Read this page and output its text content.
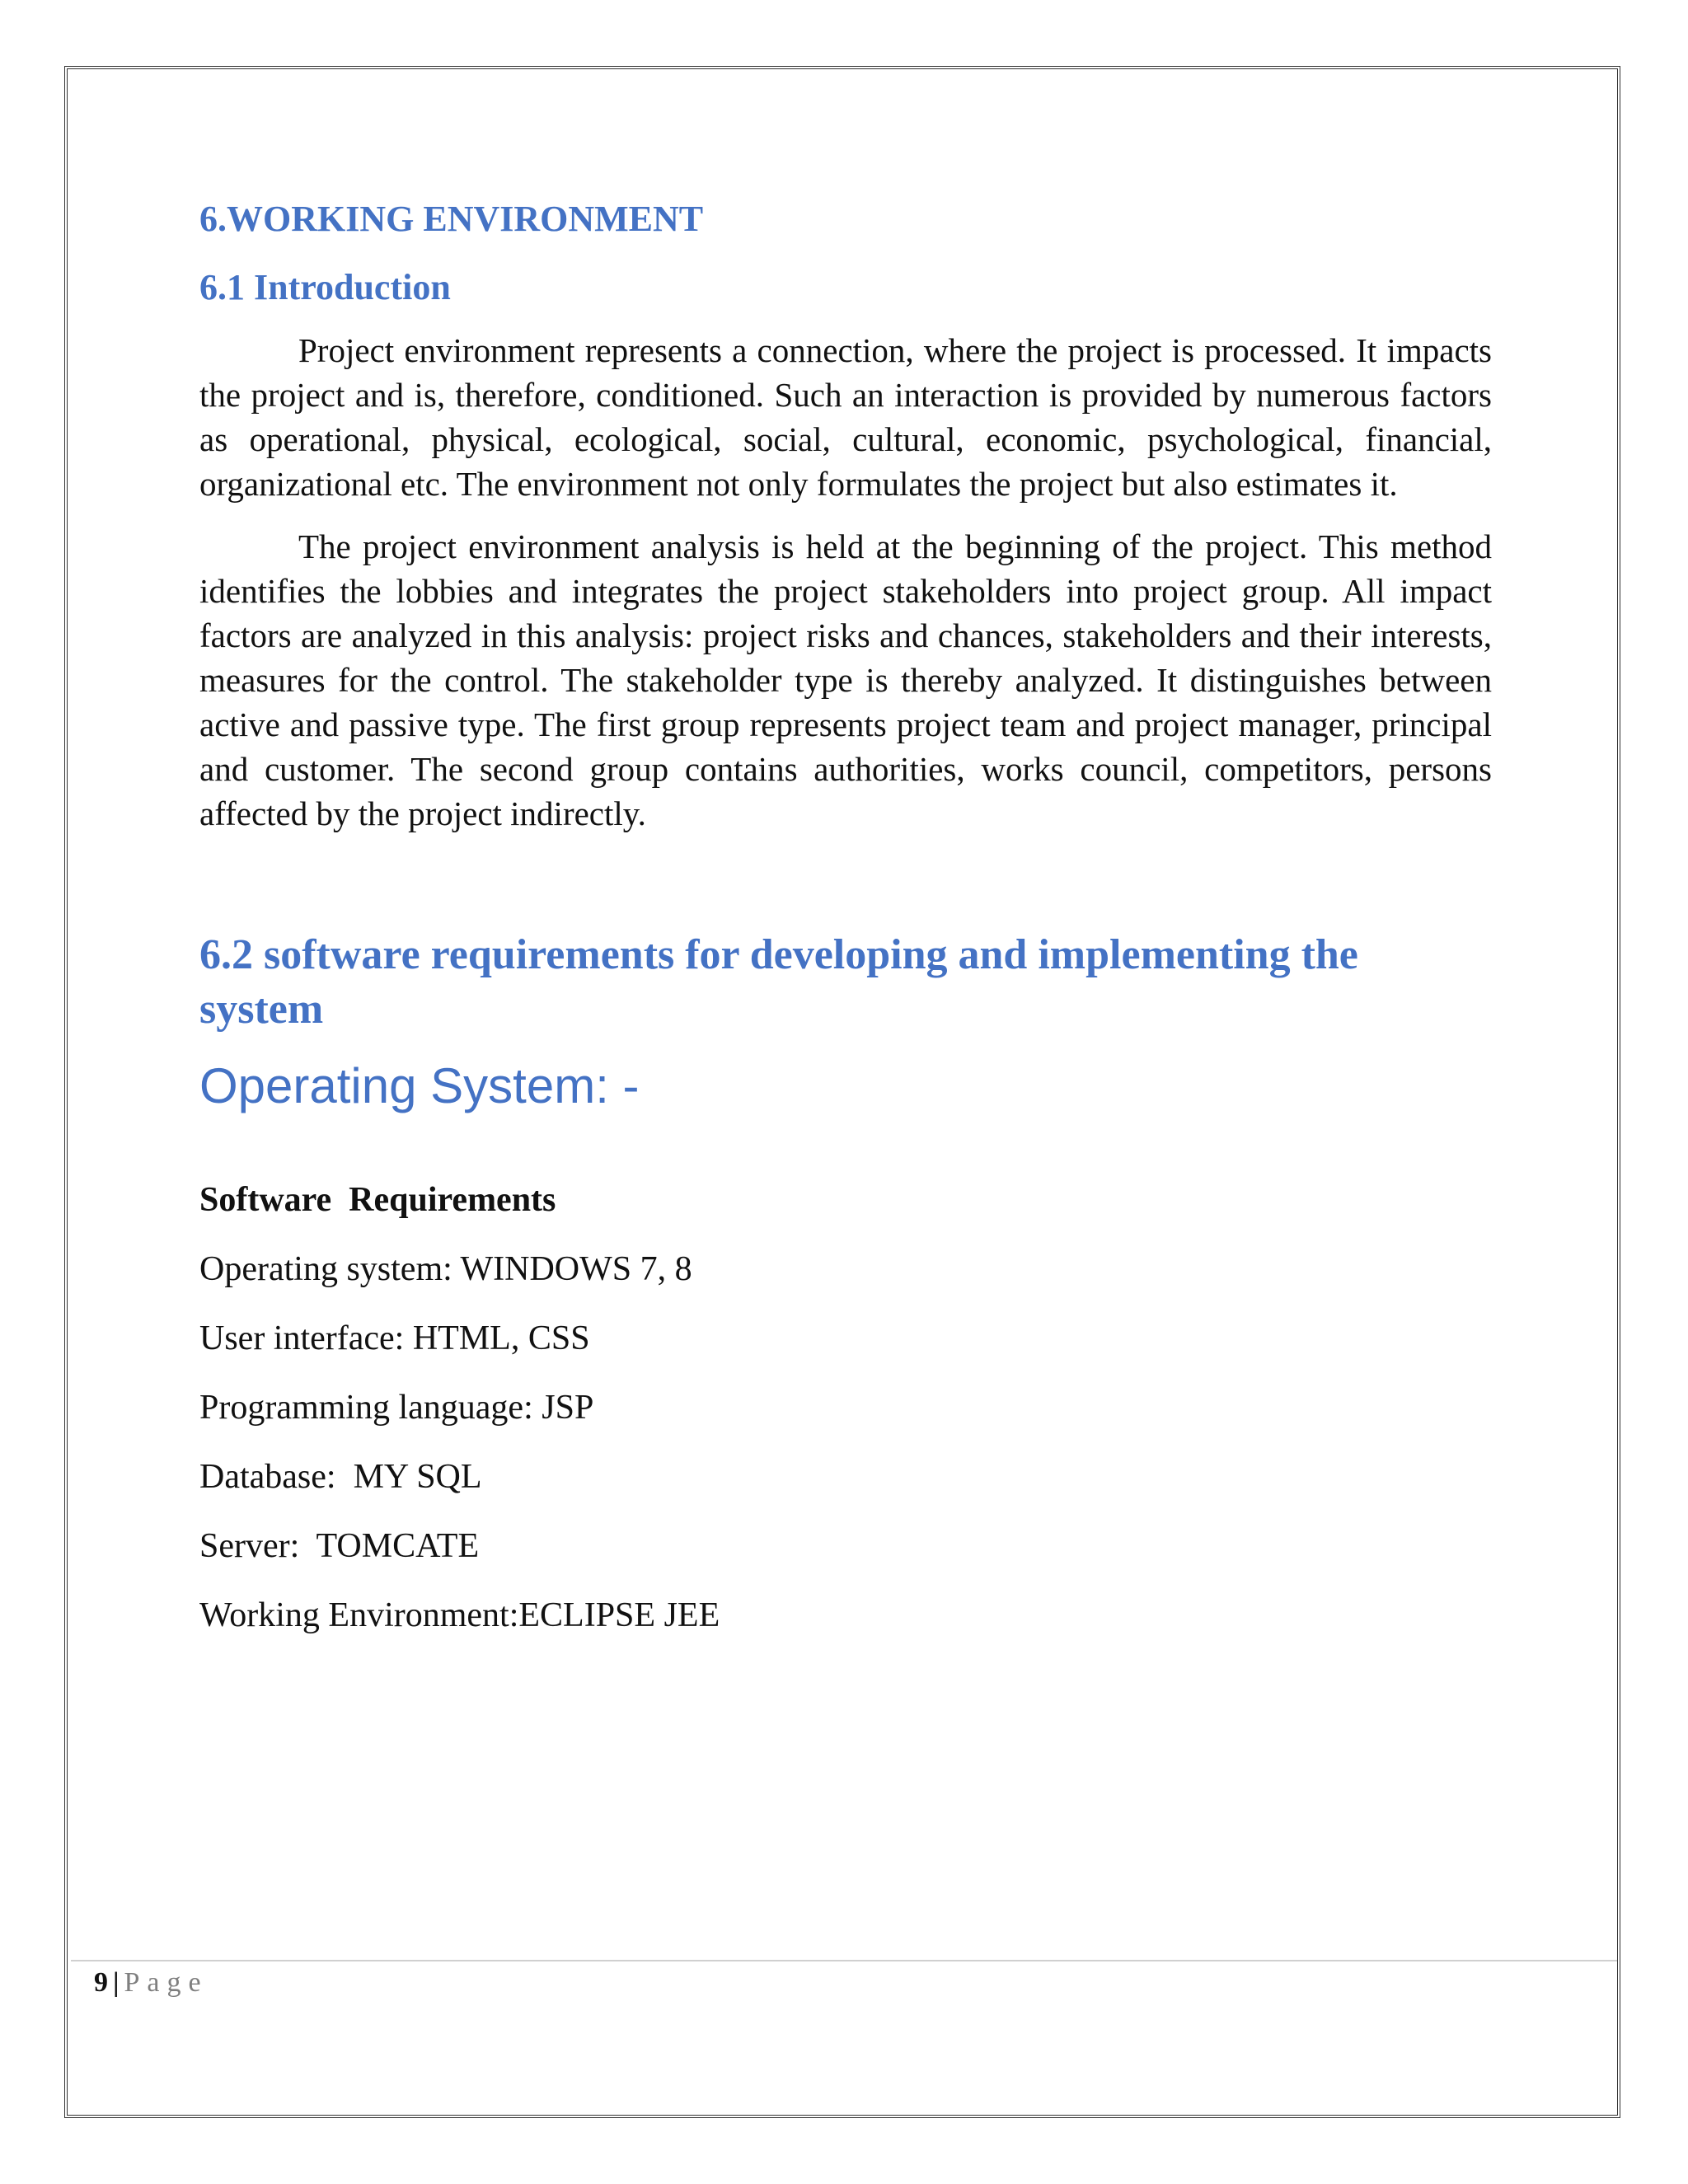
6.WORKING ENVIRONMENT
6.1 Introduction

Project environment represents a connection, where the project is processed. It impacts the project and is, therefore, conditioned. Such an interaction is provided by numerous factors as operational, physical, ecological, social, cultural, economic, psychological, financial, organizational etc. The environment not only formulates the project but also estimates it.

The project environment analysis is held at the beginning of the project. This method identifies the lobbies and integrates the project stakeholders into project group. All impact factors are analyzed in this analysis: project risks and chances, stakeholders and their interests, measures for the control. The stakeholder type is thereby analyzed. It distinguishes between active and passive type. The first group represents project team and project manager, principal and customer. The second group contains authorities, works council, competitors, persons affected by the project indirectly.

6.2 software requirements for developing and implementing the system
Operating System: -
Software  Requirements
Operating system: WINDOWS 7, 8
User interface: HTML, CSS
Programming language: JSP
Database:  MY SQL
Server:  TOMCATE
Working Environment:ECLIPSE JEE
9 | Page
